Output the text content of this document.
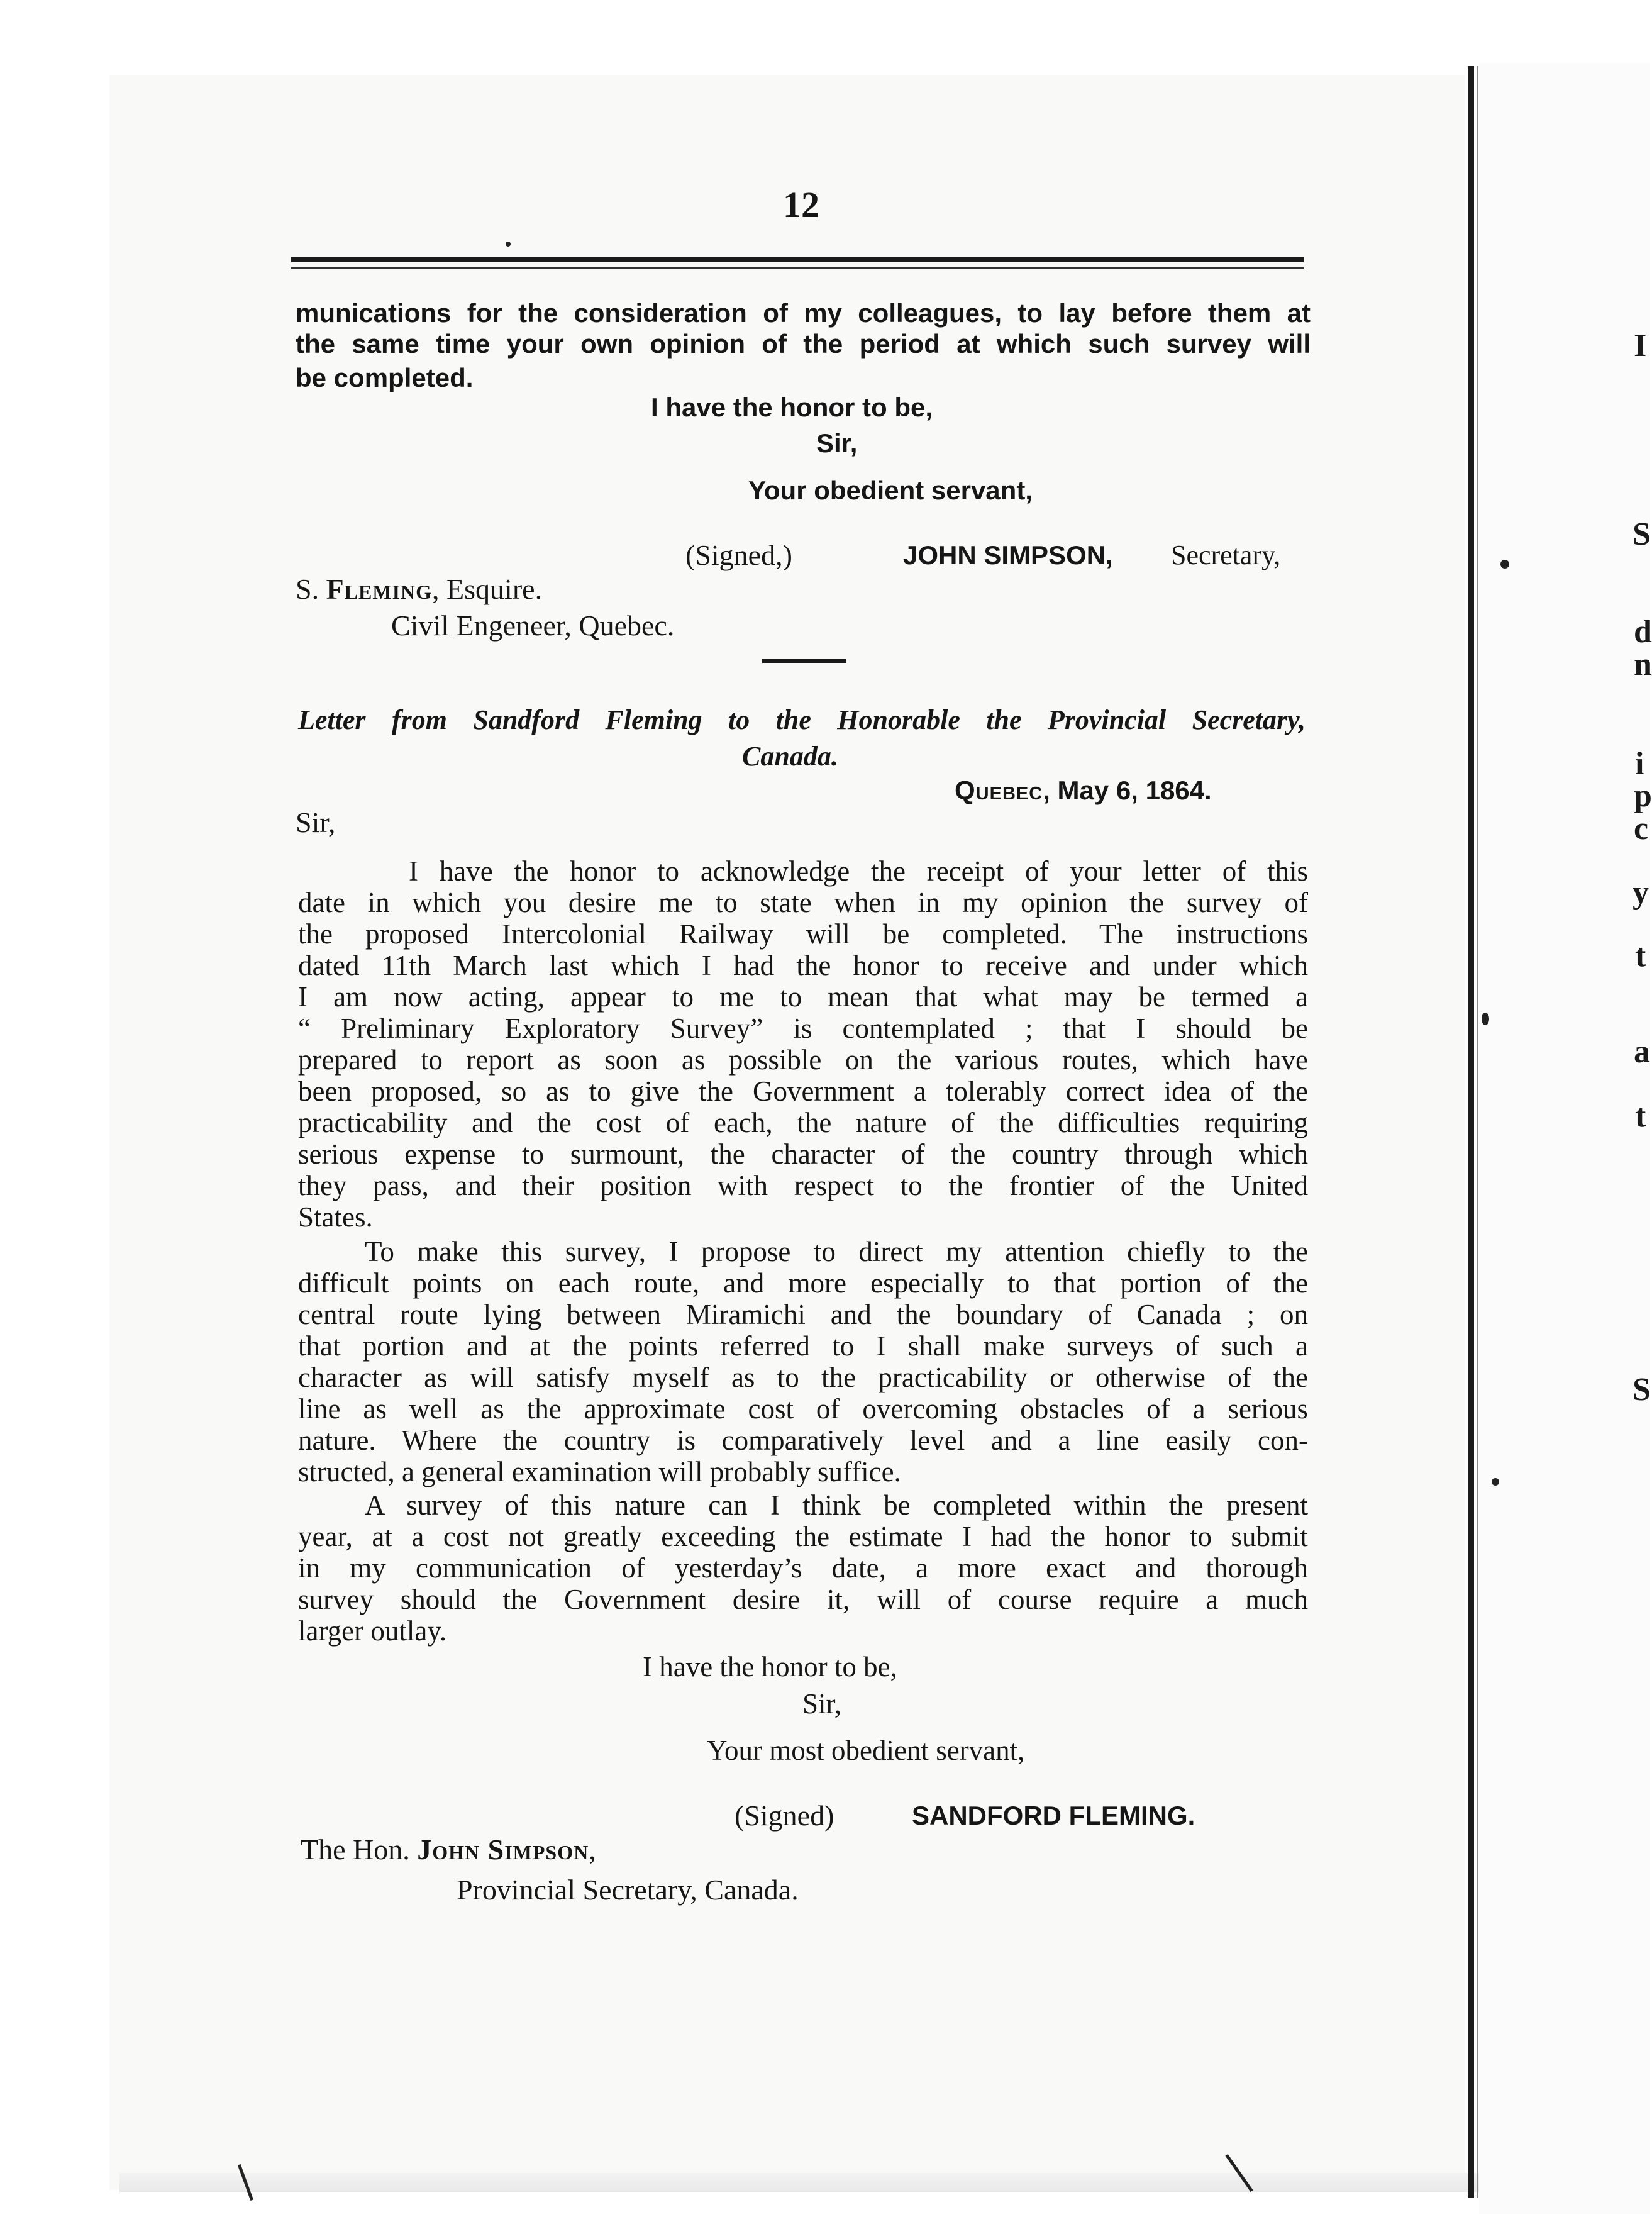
I
S
d
n
i
p
c
y
t
a
t
S
12
munications for the consideration of my colleagues, to lay before them at
the same time your own opinion of the period at which such survey will
be completed.
I have the honor to be,
Sir,
Your obedient servant,
(Signed,)	JOHN SIMPSON, Secretary,
S. Fleming, Esquire.
Civil Engeneer, Quebec.
Letter from Sandford Fleming to the Honorable the Provincial Secretary,
Canada.
Quebec, May 6, 1864.
Sir,
I have the honor to acknowledge the receipt of your letter of this
date in which you desire me to state when in my opinion the survey of
the proposed Intercolonial Railway will be completed. The instructions
dated 11th March last which I had the honor to receive and under which
I am now acting, appear to me to mean that what may be termed a
“ Preliminary Exploratory Survey” is contemplated ; that I should be
prepared to report as soon as possible on the various routes, which have
been proposed, so as to give the Government a tolerably correct idea of the
practicability and the cost of each, the nature of the difficulties requiring
serious expense to surmount, the character of the country through which
they pass, and their position with respect to the frontier of the United
States.
To make this survey, I propose to direct my attention chiefly to the
difficult points on each route, and more especially to that portion of the
central route lying between Miramichi and the boundary of Canada ; on
that portion and at the points referred to I shall make surveys of such a
character as will satisfy myself as to the practicability or otherwise of the
line as well as the approximate cost of overcoming obstacles of a serious
nature. Where the country is comparatively level and a line easily con-
structed, a general examination will probably suffice.
A survey of this nature can I think be completed within the present
year, at a cost not greatly exceeding the estimate I had the honor to submit
in my communication of yesterday’s date, a more exact and thorough
survey should the Government desire it, will of course require a much
larger outlay.
I have the honor to be,
Sir,
Your most obedient servant,
(Signed)	SANDFORD FLEMING.
The Hon. John Simpson,
Provincial Secretary, Canada.
